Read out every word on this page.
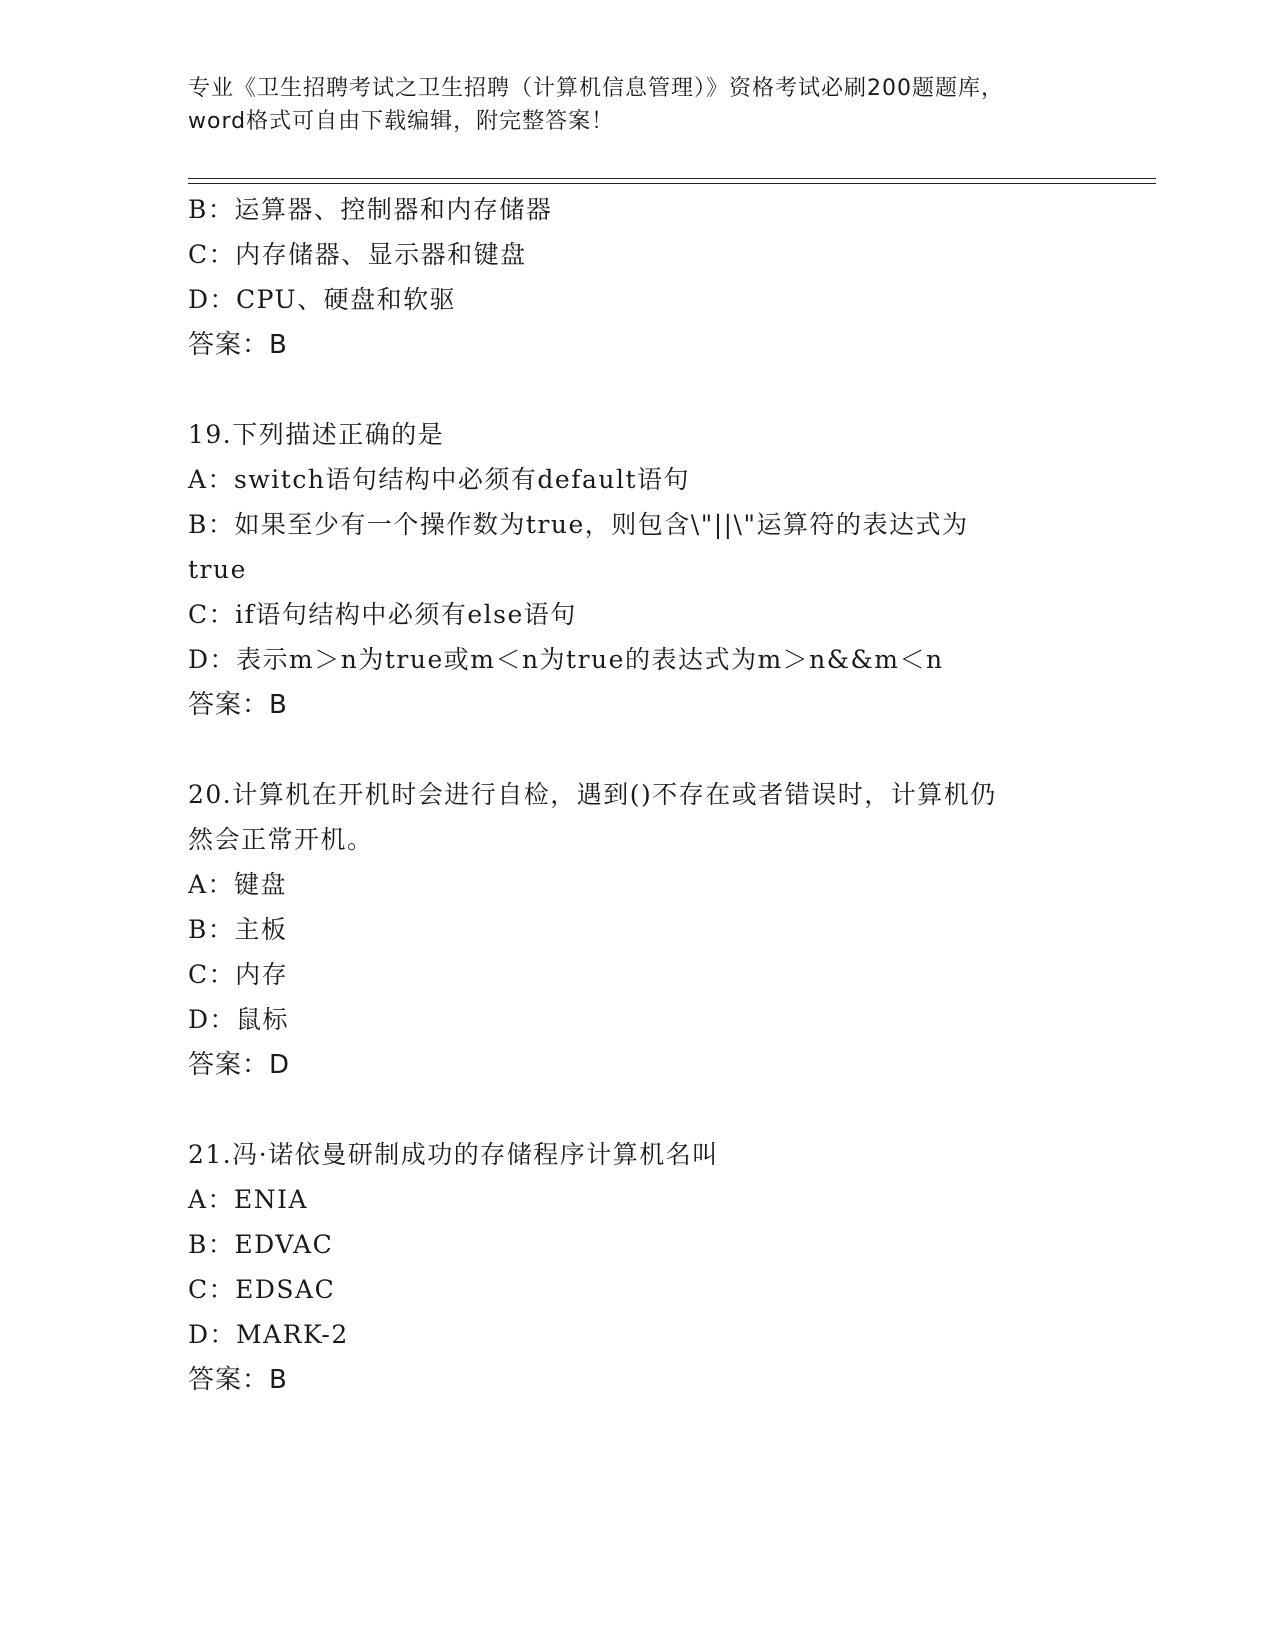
专业《卫生招聘考试之卫生招聘（计算机信息管理）》资格考试必刷200题题库，
word格式可自由下载编辑，附完整答案！
B：运算器、控制器和内存储器
C：内存储器、显示器和键盘
D：CPU、硬盘和软驱
答案：B
19.下列描述正确的是
A：switch语句结构中必须有default语句
B：如果至少有一个操作数为true，则包含\"||\"运算符的表达式为
true
C：if语句结构中必须有else语句
D：表示m＞n为true或m＜n为true的表达式为m＞n&&m＜n
答案：B
20.计算机在开机时会进行自检，遇到()不存在或者错误时，计算机仍
然会正常开机。
A：键盘
B：主板
C：内存
D：鼠标
答案：D
21.冯·诺依曼研制成功的存储程序计算机名叫
A：ENIA
B：EDVAC
C：EDSAC
D：MARK-2
答案：B
